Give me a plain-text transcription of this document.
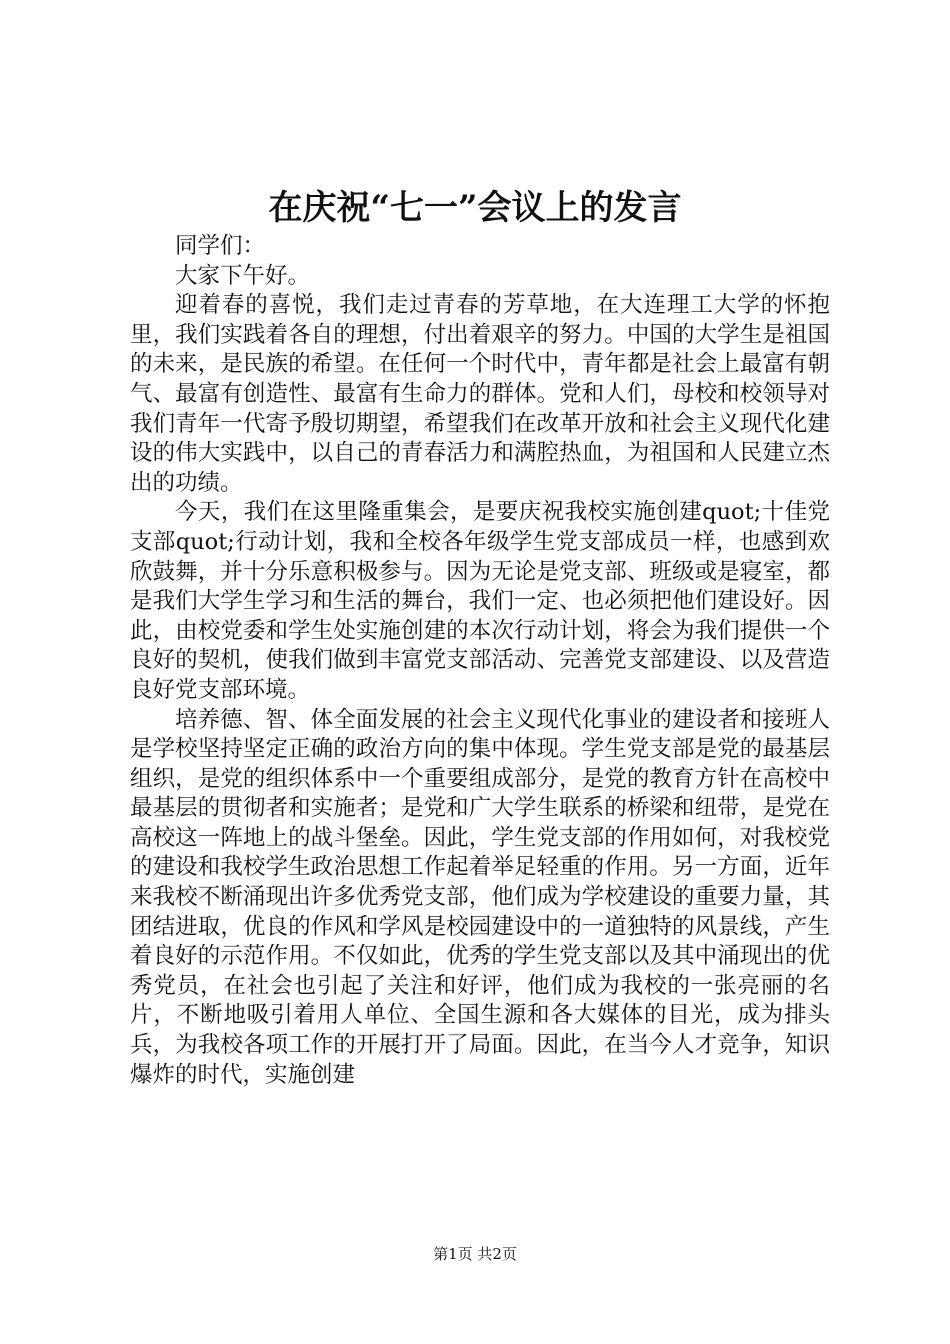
在庆祝“七一”会议上的发言

同学们：

大家下午好。

迎着春的喜悦，我们走过青春的芳草地，在大连理工大学的怀抱里，我们实践着各自的理想，付出着艰辛的努力。中国的大学生是祖国的未来，是民族的希望。在任何一个时代中，青年都是社会上最富有朝气、最富有创造性、最富有生命力的群体。党和人们，母校和校领导对我们青年一代寄予殷切期望，希望我们在改革开放和社会主义现代化建设的伟大实践中，以自己的青春活力和满腔热血，为祖国和人民建立杰出的功绩。

今天，我们在这里隆重集会，是要庆祝我校实施创建quot;十佳党支部quot;行动计划，我和全校各年级学生党支部成员一样，也感到欢欣鼓舞，并十分乐意积极参与。因为无论是党支部、班级或是寝室，都是我们大学生学习和生活的舞台，我们一定、也必须把他们建设好。因此，由校党委和学生处实施创建的本次行动计划，将会为我们提供一个良好的契机，使我们做到丰富党支部活动、完善党支部建设、以及营造良好党支部环境。

培养德、智、体全面发展的社会主义现代化事业的建设者和接班人是学校坚持坚定正确的政治方向的集中体现。学生党支部是党的最基层组织，是党的组织体系中一个重要组成部分，是党的教育方针在高校中最基层的贯彻者和实施者；是党和广大学生联系的桥梁和纽带，是党在高校这一阵地上的战斗堡垒。因此，学生党支部的作用如何，对我校党的建设和我校学生政治思想工作起着举足轻重的作用。另一方面，近年来我校不断涌现出许多优秀党支部，他们成为学校建设的重要力量，其团结进取，优良的作风和学风是校园建设中的一道独特的风景线，产生着良好的示范作用。不仅如此，优秀的学生党支部以及其中涌现出的优秀党员，在社会也引起了关注和好评，他们成为我校的一张亮丽的名片，不断地吸引着用人单位、全国生源和各大媒体的目光，成为排头兵，为我校各项工作的开展打开了局面。因此，在当今人才竞争，知识爆炸的时代，实施创建

第1页 共2页
